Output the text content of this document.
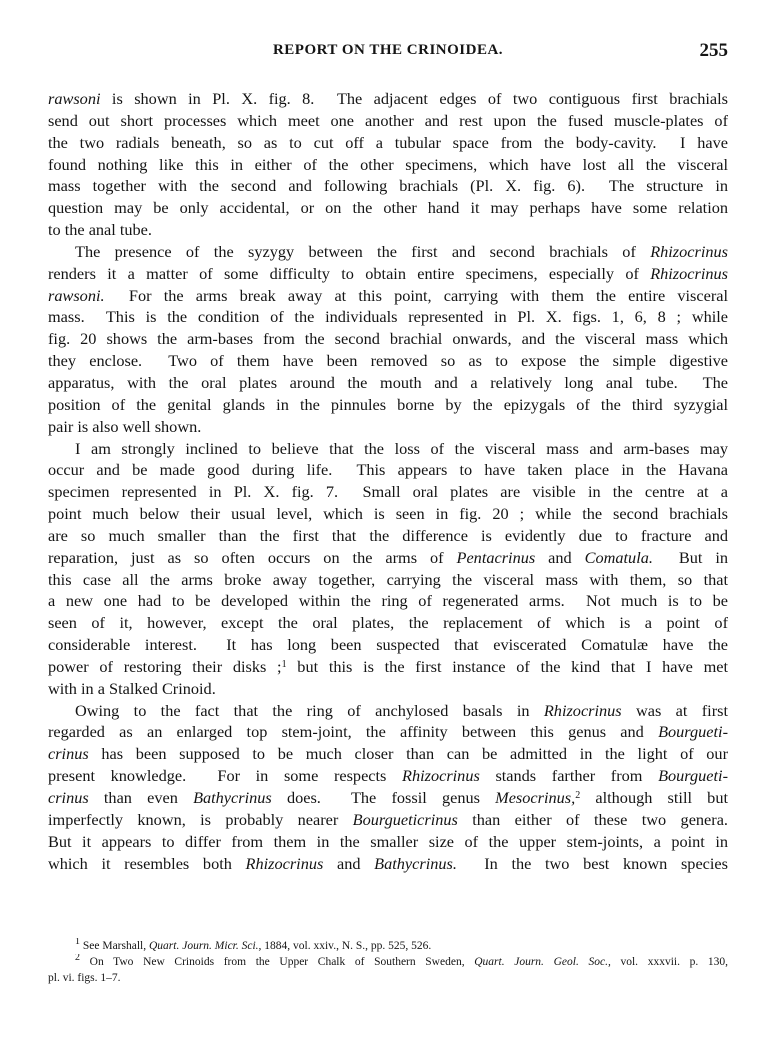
REPORT ON THE CRINOIDEA.	255
rawsoni is shown in Pl. X. fig. 8.  The adjacent edges of two contiguous first brachials
send out short processes which meet one another and rest upon the fused muscle-plates of
the two radials beneath, so as to cut off a tubular space from the body-cavity.  I have
found nothing like this in either of the other specimens, which have lost all the visceral
mass together with the second and following brachials (Pl. X. fig. 6).  The structure in
question may be only accidental, or on the other hand it may perhaps have some relation
to the anal tube.
The presence of the syzygy between the first and second brachials of Rhizocrinus
renders it a matter of some difficulty to obtain entire specimens, especially of Rhizocrinus
rawsoni.  For the arms break away at this point, carrying with them the entire visceral
mass.  This is the condition of the individuals represented in Pl. X. figs. 1, 6, 8 ; while
fig. 20 shows the arm-bases from the second brachial onwards, and the visceral mass which
they enclose.  Two of them have been removed so as to expose the simple digestive
apparatus, with the oral plates around the mouth and a relatively long anal tube.  The
position of the genital glands in the pinnules borne by the epizygals of the third syzygial
pair is also well shown.
I am strongly inclined to believe that the loss of the visceral mass and arm-bases may
occur and be made good during life.  This appears to have taken place in the Havana
specimen represented in Pl. X. fig. 7.  Small oral plates are visible in the centre at a
point much below their usual level, which is seen in fig. 20 ; while the second brachials
are so much smaller than the first that the difference is evidently due to fracture and
reparation, just as so often occurs on the arms of Pentacrinus and Comatula.  But in
this case all the arms broke away together, carrying the visceral mass with them, so that
a new one had to be developed within the ring of regenerated arms.  Not much is to be
seen of it, however, except the oral plates, the replacement of which is a point of
considerable interest.  It has long been suspected that eviscerated Comatulæ have the
power of restoring their disks ;$^1$ but this is the first instance of the kind that I have met
with in a Stalked Crinoid.
Owing to the fact that the ring of anchylosed basals in Rhizocrinus was at first
regarded as an enlarged top stem-joint, the affinity between this genus and Bourgueti-
crinus has been supposed to be much closer than can be admitted in the light of our
present knowledge.  For in some respects Rhizocrinus stands farther from Bourgueti-
crinus than even Bathycrinus does.  The fossil genus Mesocrinus,$^2$ although still but
imperfectly known, is probably nearer Bourgueticrinus than either of these two genera.
But it appears to differ from them in the smaller size of the upper stem-joints, a point in
which it resembles both Rhizocrinus and Bathycrinus.  In the two best known species
1 See Marshall, Quart. Journ. Micr. Sci., 1884, vol. xxiv., N. S., pp. 525, 526.
2 On Two New Crinoids from the Upper Chalk of Southern Sweden, Quart. Journ. Geol. Soc., vol. xxxvii. p. 130,
pl. vi. figs. 1–7.
